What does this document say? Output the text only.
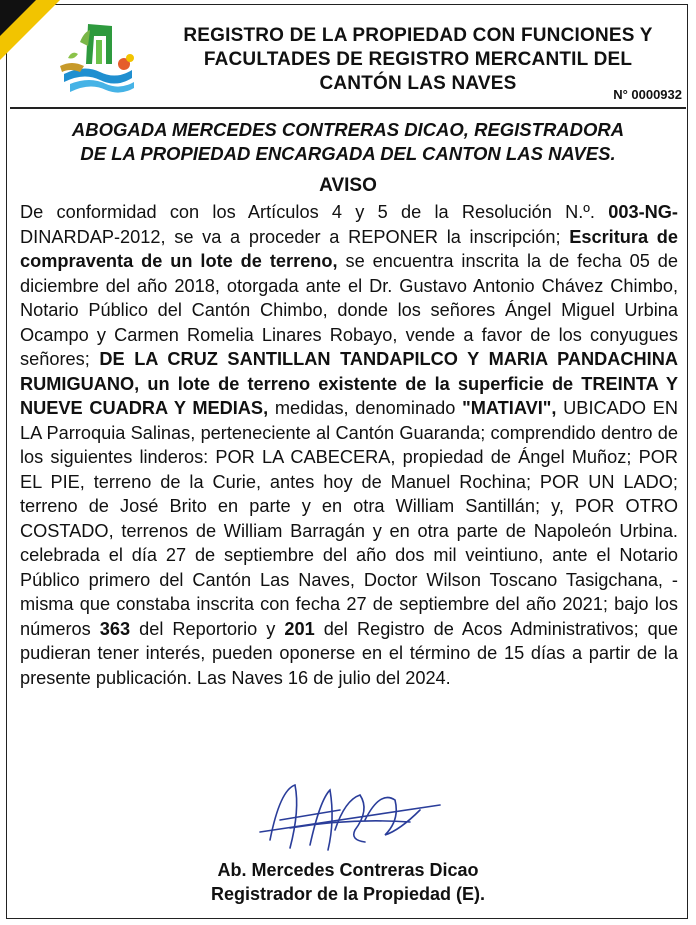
REGISTRO DE LA PROPIEDAD CON FUNCIONES Y
FACULTADES DE REGISTRO MERCANTIL DEL
CANTÓN LAS NAVES
N° 0000932
ABOGADA MERCEDES CONTRERAS DICAO, REGISTRADORA
DE LA PROPIEDAD ENCARGADA DEL CANTON LAS NAVES.
AVISO
De conformidad con los Artículos 4 y 5 de la Resolución N.º. 003-NG- DINARDAP-2012, se va a proceder a REPONER la inscripción; Escritura de compraventa de un lote de terreno, se encuentra inscrita la de fecha 05 de diciembre del año 2018, otorgada ante el Dr. Gustavo Antonio Chávez Chimbo, Notario Público del Cantón Chimbo, donde los señores Ángel Miguel Urbina Ocampo y Carmen Romelia Linares Robayo, vende a favor de los conyugues señores; DE LA CRUZ SANTILLAN TANDAPILCO Y MARIA PANDACHINA RUMIGUANO, un lote de terreno existente de la superficie de TREINTA Y NUEVE CUADRA Y MEDIAS, medidas, denominado "MATIAVI", UBICADO EN LA Parroquia Salinas, perteneciente al Cantón Guaranda; comprendido dentro de los siguientes linderos: POR LA CABECERA, propiedad de Ángel Muñoz; POR EL PIE, terreno de la Curie, antes hoy de Manuel Rochina; POR UN LADO; terreno de José Brito en parte y en otra William Santillán; y, POR OTRO COSTADO, terrenos de William Barragán y en otra parte de Napoleón Urbina. celebrada el día 27 de septiembre del año dos mil veintiuno, ante el Notario Público primero del Cantón Las Naves, Doctor Wilson Toscano Tasigchana, - misma que constaba inscrita con fecha 27 de septiembre del año 2021; bajo los números 363 del Reportorio y 201 del Registro de Acos Administrativos; que pudieran tener interés, pueden oponerse en el término de 15 días a partir de la presente publicación. Las Naves 16 de julio del 2024.
Ab. Mercedes Contreras Dicao
Registrador de la Propiedad (E).
